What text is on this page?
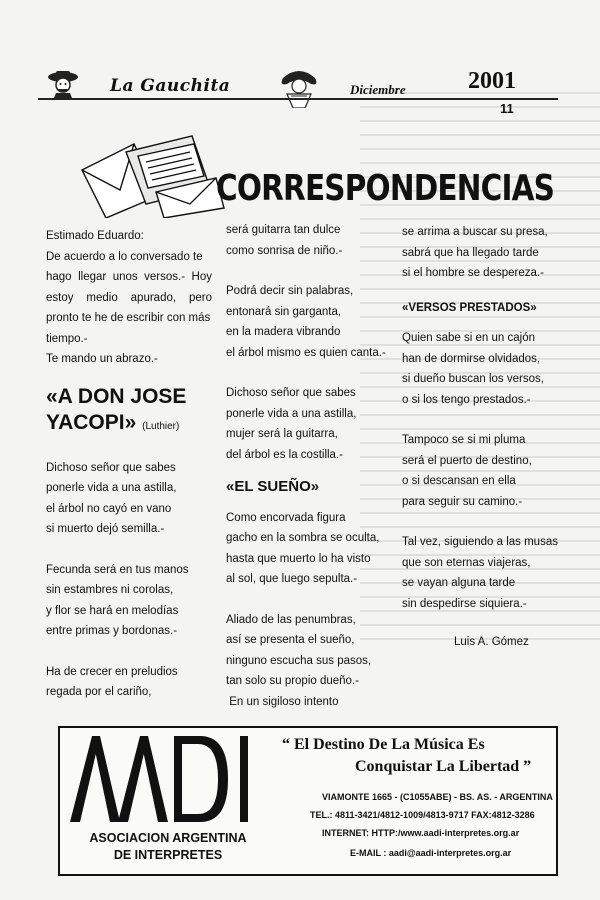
La Gauchita	Diciembre	2001
11
CORRESPONDENCIAS

Estimado Eduardo:

De acuerdo a lo conversado te

hago llegar unos versos.- Hoy

estoy medio apurado, pero

pronto te he de escribir con más

tiempo.-

Te mando un abrazo.-

«A DON JOSE

YACOPI» (Luthier)

Dichoso señor que sabes

ponerle vida a una astilla,

el árbol no cayó en vano

si muerto dejó semilla.-

Fecunda será en tus manos

sin estambres ni corolas,

y flor se hará en melodías

entre primas y bordonas.-

Ha de crecer en preludios

regada por el cariño,

será guitarra tan dulce

como sonrisa de niño.-

Podrá decir sin palabras,

entonará sin garganta,

en la madera vibrando

el árbol mismo es quien canta.-

Dichoso señor que sabes

ponerle vida a una astilla,

mujer será la guitarra,

del árbol es la costilla.-

«EL SUEÑO»

Como encorvada figura

gacho en la sombra se oculta,

hasta que muerto lo ha visto

al sol, que luego sepulta.-

Aliado de las penumbras,

así se presenta el sueño,

ninguno escucha sus pasos,

tan solo su propio dueño.-

En un sigiloso intento

se arrima a buscar su presa,

sabrá que ha llegado tarde

si el hombre se despereza.-

«VERSOS PRESTADOS»

Quien sabe si en un cajón

han de dormirse olvidados,

si dueño buscan los versos,

o si los tengo prestados.-

Tampoco se si mi pluma

será el puerto de destino,

o si descansan en ella

para seguir su camino.-

Tal vez, siguiendo a las musas

que son eternas viajeras,

se vayan alguna tarde

sin despedirse siquiera.-

Luis A. Gómez

ASOCIACION ARGENTINA
DE INTERPRETES
“ El Destino De La Música Es
Conquistar La Libertad ”
VIAMONTE 1665 - (C1055ABE) - BS. AS. - ARGENTINA
TEL.: 4811-3421/4812-1009/4813-9717 FAX:4812-3286
INTERNET: HTTP:/www.aadi-interpretes.org.ar
E-MAIL : aadi@aadi-interpretes.org.ar
